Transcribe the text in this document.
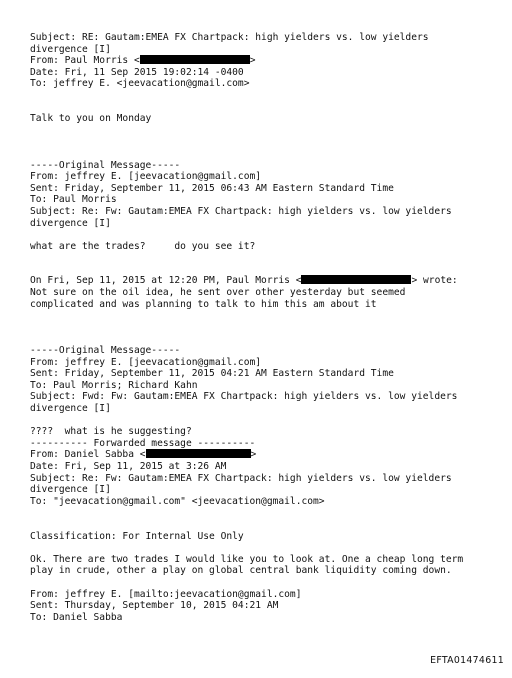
Subject: RE: Gautam:EMEA FX Chartpack: high yielders vs. low yielders
divergence [I]
From: Paul Morris <	>
Date: Fri, 11 Sep 2015 19:02:14 -0400
To: jeffrey E. <jeevacation@gmail.com>
Talk to you on Monday
-----Original Message-----
From: jeffrey E. [jeevacation@gmail.com]
Sent: Friday, September 11, 2015 06:43 AM Eastern Standard Time
To: Paul Morris
Subject: Re: Fw: Gautam:EMEA FX Chartpack: high yielders vs. low yielders
divergence [I]
what are the trades?     do you see it?
On Fri, Sep 11, 2015 at 12:20 PM, Paul Morris <	> wrote:
Not sure on the oil idea, he sent over other yesterday but seemed
complicated and was planning to talk to him this am about it
-----Original Message-----
From: jeffrey E. [jeevacation@gmail.com]
Sent: Friday, September 11, 2015 04:21 AM Eastern Standard Time
To: Paul Morris; Richard Kahn
Subject: Fwd: Fw: Gautam:EMEA FX Chartpack: high yielders vs. low yielders
divergence [I]
????  what is he suggesting?
---------- Forwarded message ----------
From: Daniel Sabba <	>
Date: Fri, Sep 11, 2015 at 3:26 AM
Subject: Re: Fw: Gautam:EMEA FX Chartpack: high yielders vs. low yielders
divergence [I]
To: "jeevacation@gmail.com" <jeevacation@gmail.com>
Classification: For Internal Use Only
Ok. There are two trades I would like you to look at. One a cheap long term
play in crude, other a play on global central bank liquidity coming down.
From: jeffrey E. [mailto:jeevacation@gmail.com]
Sent: Thursday, September 10, 2015 04:21 AM
To: Daniel Sabba
EFTA01474611
